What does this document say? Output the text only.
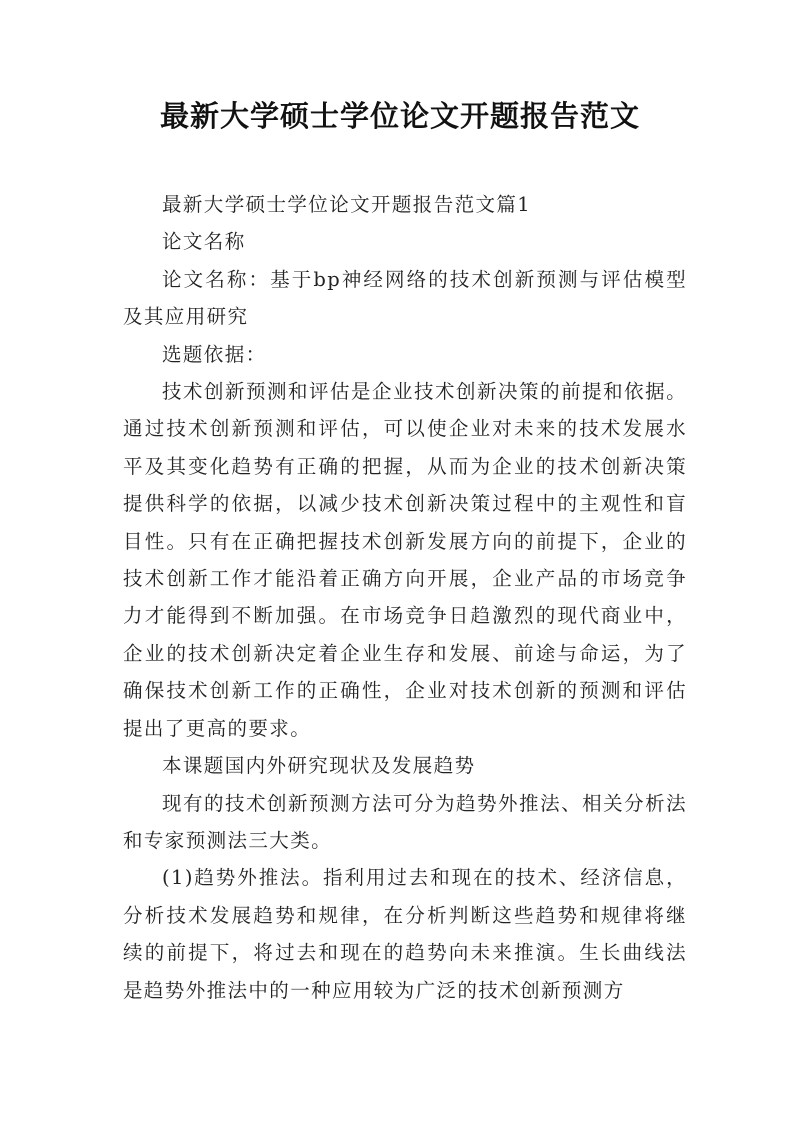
最新大学硕士学位论文开题报告范文

最新大学硕士学位论文开题报告范文篇1

论文名称

论文名称：基于bp神经网络的技术创新预测与评估模型及其应用研究

选题依据：

技术创新预测和评估是企业技术创新决策的前提和依据。通过技术创新预测和评估，可以使企业对未来的技术发展水平及其变化趋势有正确的把握，从而为企业的技术创新决策提供科学的依据，以减少技术创新决策过程中的主观性和盲目性。只有在正确把握技术创新发展方向的前提下，企业的技术创新工作才能沿着正确方向开展，企业产品的市场竞争力才能得到不断加强。在市场竞争日趋激烈的现代商业中，企业的技术创新决定着企业生存和发展、前途与命运，为了确保技术创新工作的正确性，企业对技术创新的预测和评估提出了更高的要求。

本课题国内外研究现状及发展趋势

现有的技术创新预测方法可分为趋势外推法、相关分析法和专家预测法三大类。

(1)趋势外推法。指利用过去和现在的技术、经济信息，分析技术发展趋势和规律，在分析判断这些趋势和规律将继续的前提下，将过去和现在的趋势向未来推演。生长曲线法是趋势外推法中的一种应用较为广泛的技术创新预测方
